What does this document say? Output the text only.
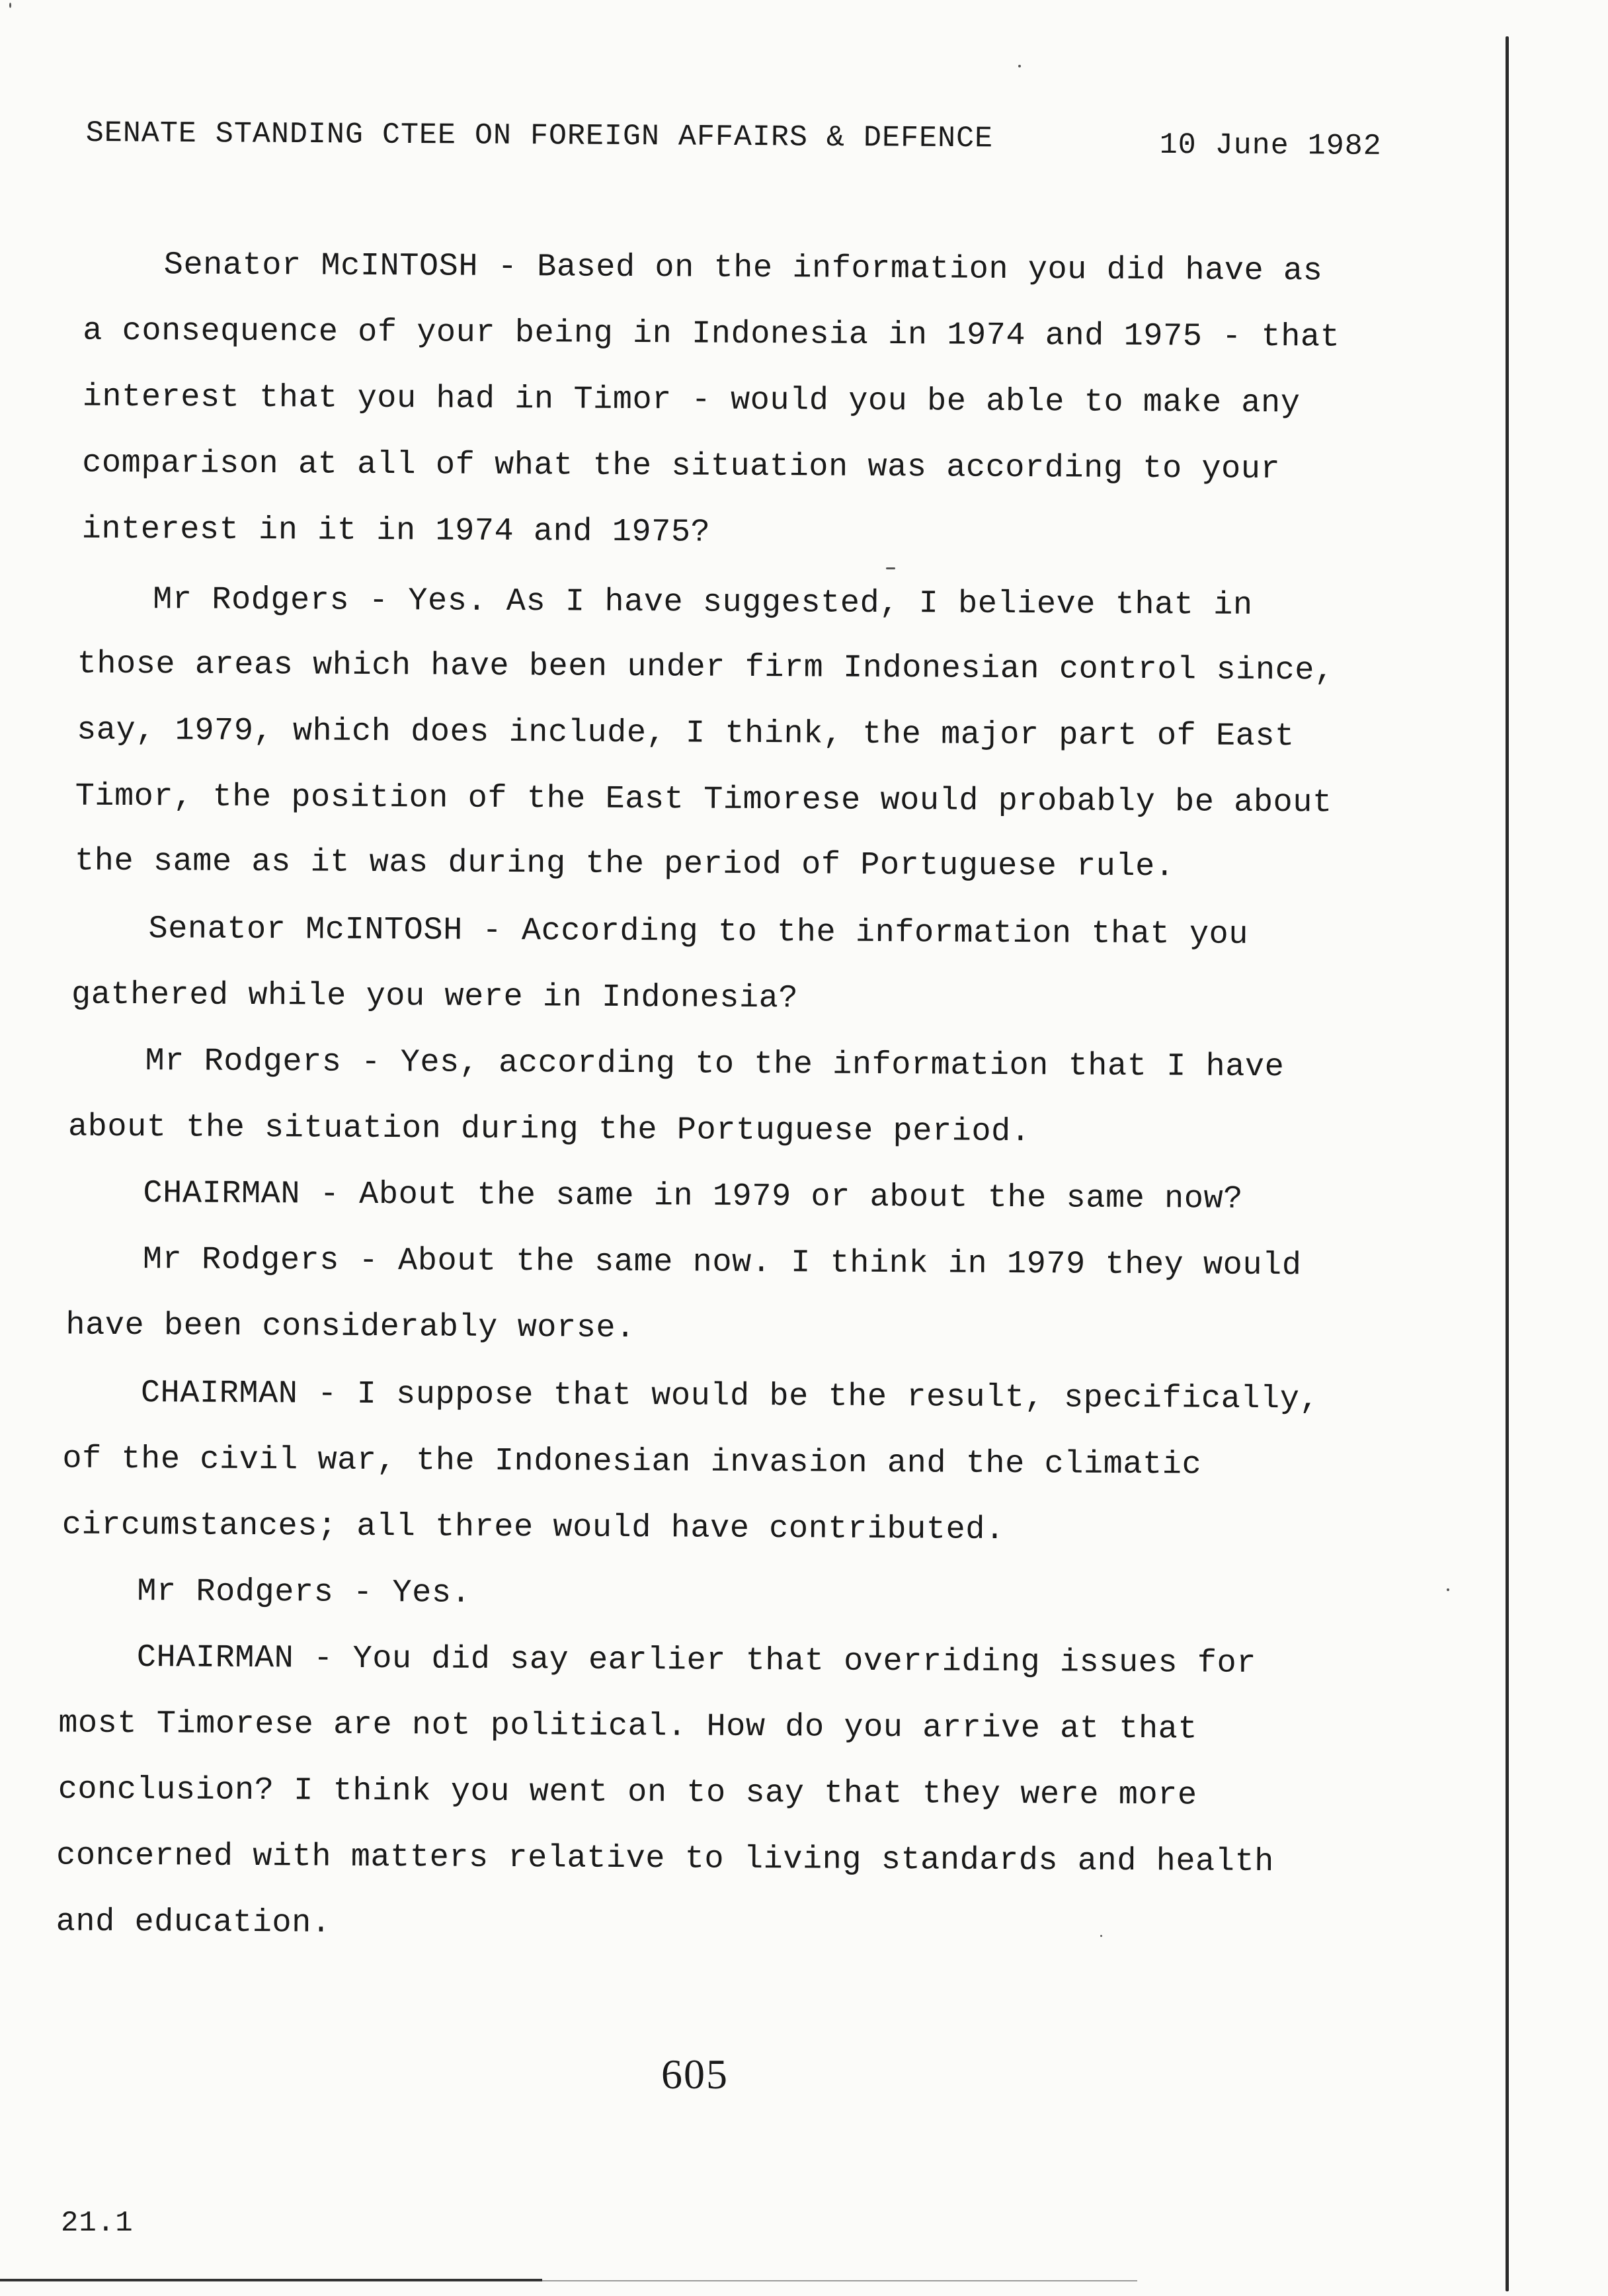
SENATE STANDING CTEE ON FOREIGN AFFAIRS & DEFENCE	10 June 1982
Senator McINTOSH - Based on the information you did have as
a consequence of your being in Indonesia in 1974 and 1975 - that
interest that you had in Timor - would you be able to make any
comparison at all of what the situation was according to your
interest in it in 1974 and 1975?
Mr Rodgers - Yes. As I have suggested, I believe that in
those areas which have been under firm Indonesian control since,
say, 1979, which does include, I think, the major part of East
Timor, the position of the East Timorese would probably be about
the same as it was during the period of Portuguese rule.
Senator McINTOSH - According to the information that you
gathered while you were in Indonesia?
Mr Rodgers - Yes, according to the information that I have
about the situation during the Portuguese period.
CHAIRMAN - About the same in 1979 or about the same now?
Mr Rodgers - About the same now. I think in 1979 they would
have been considerably worse.
CHAIRMAN - I suppose that would be the result, specifically,
of the civil war, the Indonesian invasion and the climatic
circumstances; all three would have contributed.
Mr Rodgers - Yes.
CHAIRMAN - You did say earlier that overriding issues for
most Timorese are not political. How do you arrive at that
conclusion? I think you went on to say that they were more
concerned with matters relative to living standards and health
and education.
605
21.1
